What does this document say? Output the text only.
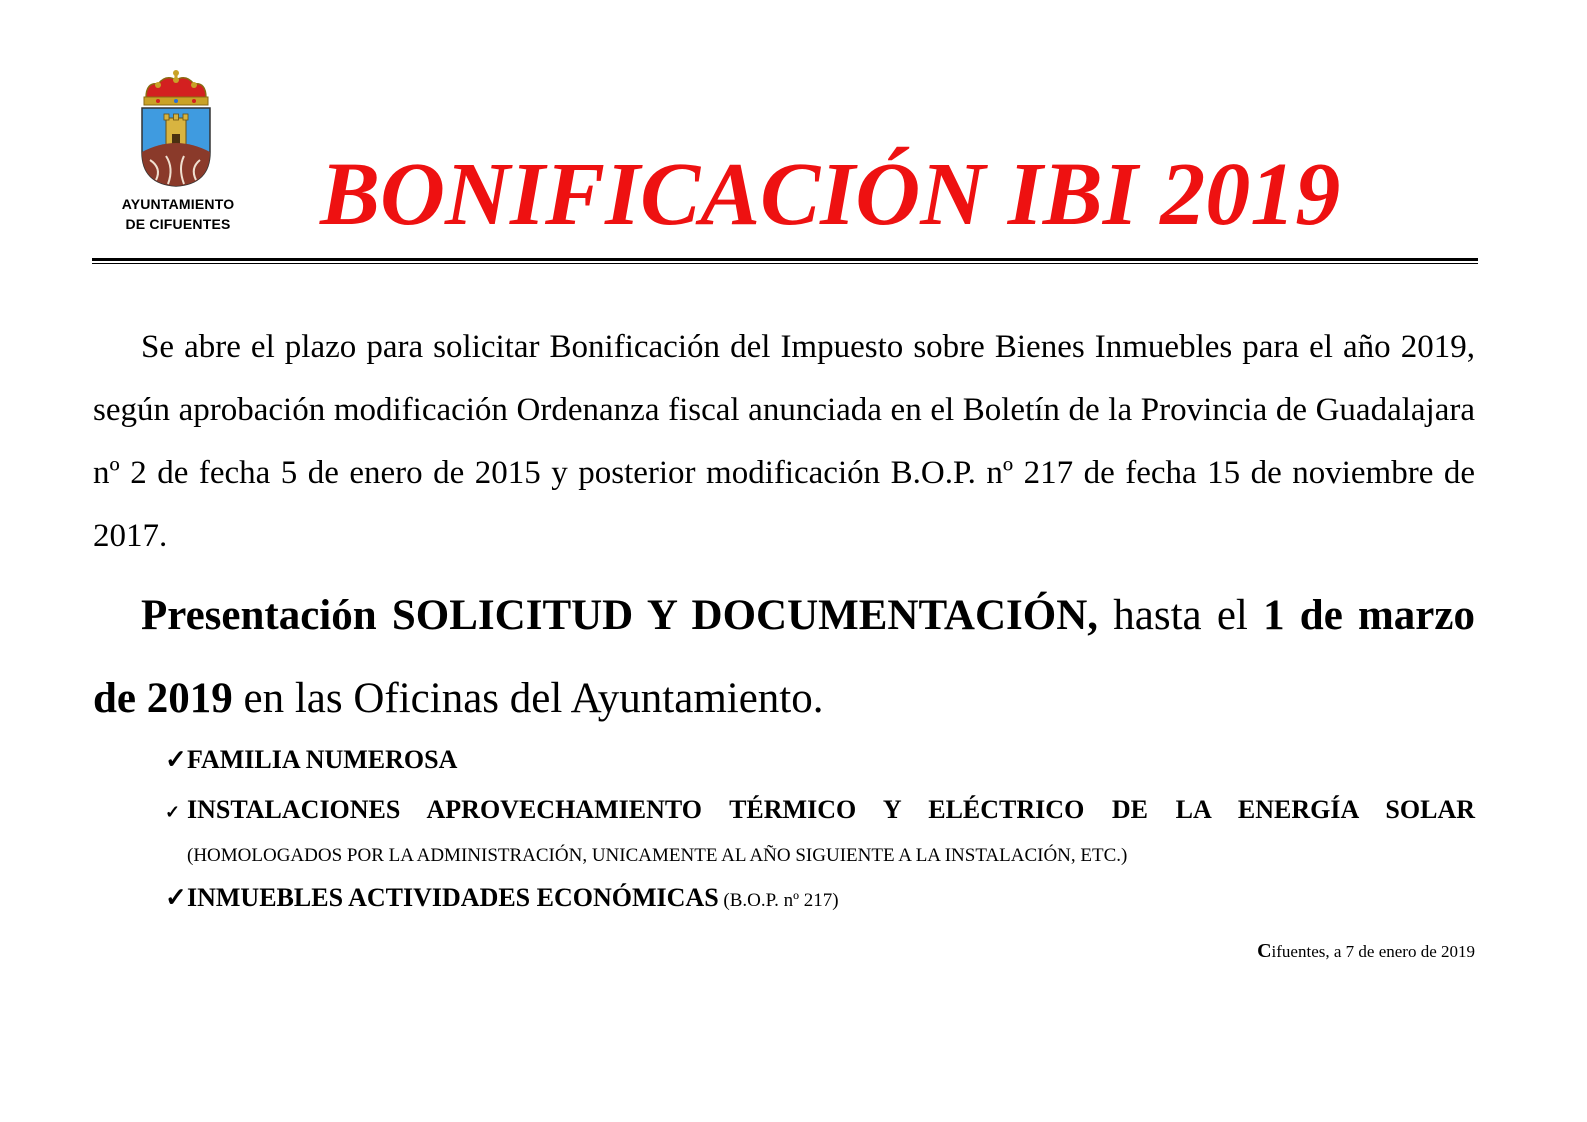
AYUNTAMIENTO
DE CIFUENTES BONIFICACIÓN IBI 2019
Se abre el plazo para solicitar Bonificación del Impuesto sobre Bienes Inmuebles para el año 2019, según aprobación modificación Ordenanza fiscal anunciada en el Boletín de la Provincia de Guadalajara nº 2 de fecha 5 de enero de 2015 y posterior modificación B.O.P. nº 217 de fecha 15 de noviembre de 2017.
Presentación SOLICITUD Y DOCUMENTACIÓN, hasta el 1 de marzo de 2019 en las Oficinas del Ayuntamiento.
✓FAMILIA NUMEROSA
✓ INSTALACIONES APROVECHAMIENTO TÉRMICO Y ELÉCTRICO DE LA ENERGÍA SOLAR
(HOMOLOGADOS POR LA ADMINISTRACIÓN, UNICAMENTE AL AÑO SIGUIENTE A LA INSTALACIÓN, ETC.)
✓INMUEBLES ACTIVIDADES ECONÓMICAS (B.O.P. nº 217)
Cifuentes, a 7 de enero de 2019
